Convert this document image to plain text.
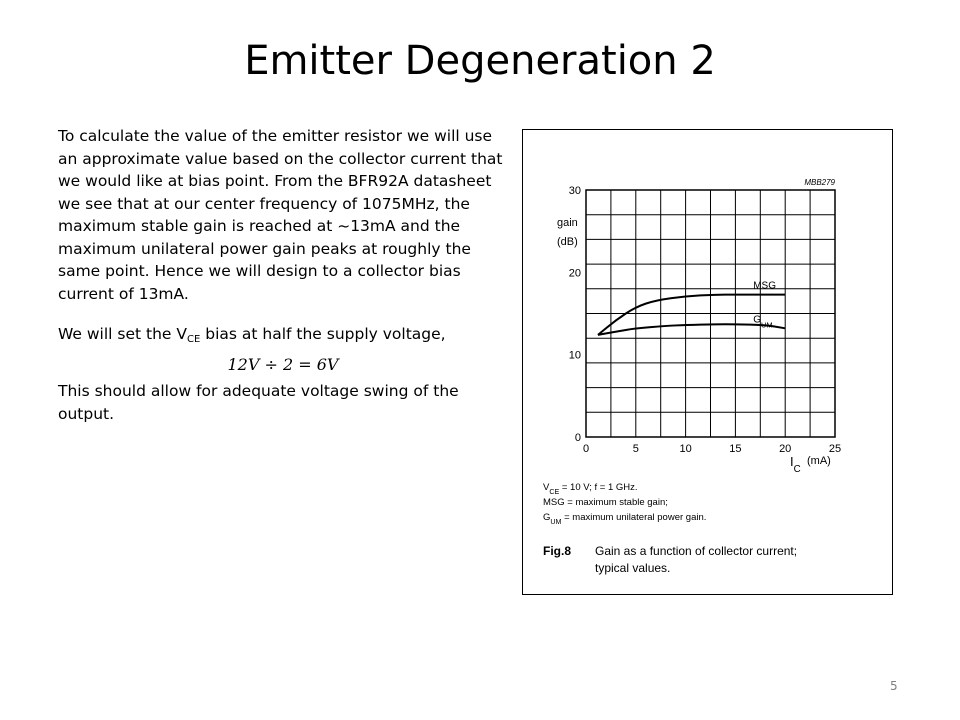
Emitter Degeneration 2

To calculate the value of the emitter resistor we will use an approximate value based on the collector current that we would like at bias point. From the BFR92A datasheet we see that at our center frequency of 1075MHz, the maximum stable gain is reached at ~13mA and the maximum unilateral power gain peaks at roughly the same point. Hence we will design to a collector bias current of 13mA.

We will set the $V_{CE}$ bias at half the supply voltage,

12V ÷ 2 = 6V

This should allow for adequate voltage swing of the output.

0	5	10	15	20	25
0
10
20
30
gain
(dB)
$I_C$
(mA)
MBB279
MSG
$G_{UM}$
$V_{CE} = 10$ V; f = 1 GHz.
MSG = maximum stable gain;
$G_{UM}$ = maximum unilateral power gain.
Fig.8 Gain as a function of collector current;
typical values.
5
